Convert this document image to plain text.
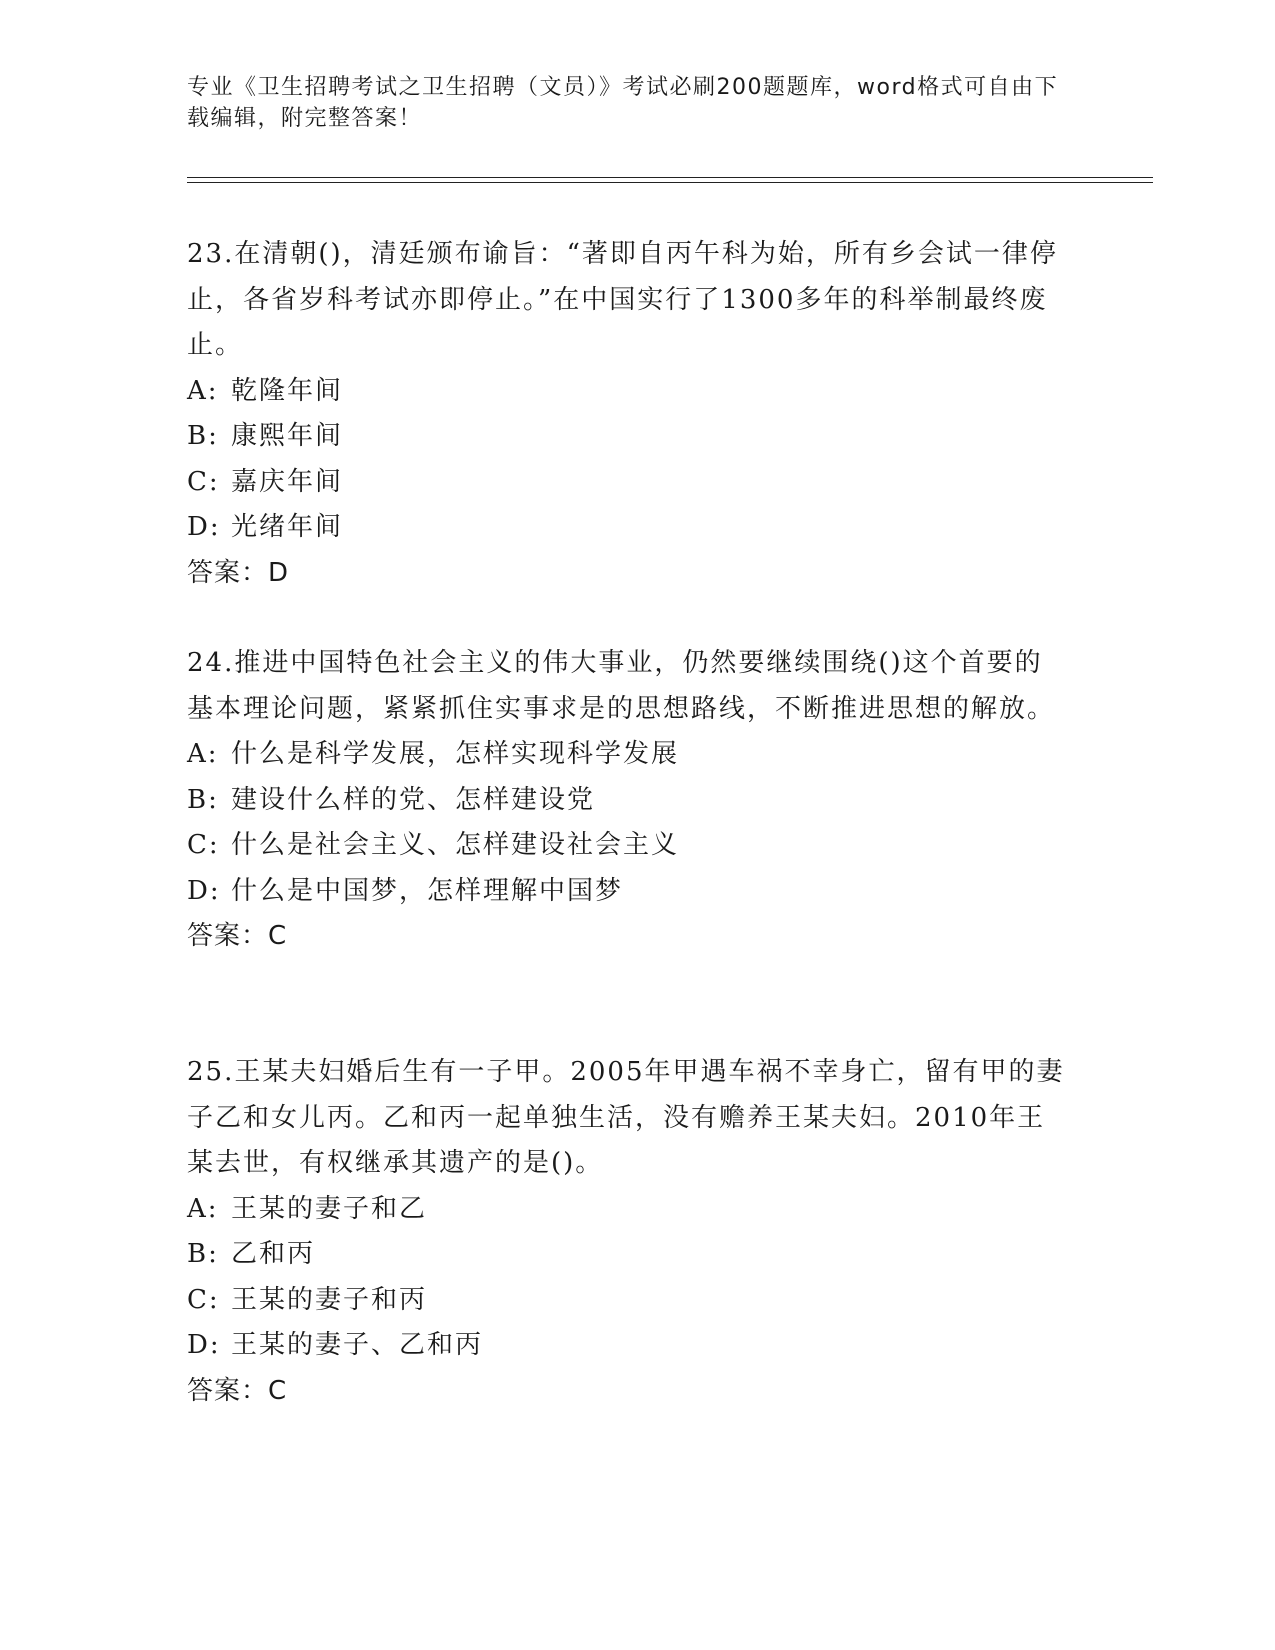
专业《卫生招聘考试之卫生招聘（文员）》考试必刷200题题库，word格式可自由下载编辑，附完整答案！

23.在清朝()，清廷颁布谕旨：“著即自丙午科为始，所有乡会试一律停止，各省岁科考试亦即停止。”在中国实行了1300多年的科举制最终废止。

A: 乾隆年间
B: 康熙年间
C: 嘉庆年间
D: 光绪年间

答案：D

24.推进中国特色社会主义的伟大事业，仍然要继续围绕()这个首要的基本理论问题，紧紧抓住实事求是的思想路线，不断推进思想的解放。

A: 什么是科学发展，怎样实现科学发展
B: 建设什么样的党、怎样建设党
C: 什么是社会主义、怎样建设社会主义
D: 什么是中国梦，怎样理解中国梦

答案：C

25.王某夫妇婚后生有一子甲。2005年甲遇车祸不幸身亡，留有甲的妻子乙和女儿丙。乙和丙一起单独生活，没有赡养王某夫妇。2010年王某去世，有权继承其遗产的是()。

A: 王某的妻子和乙
B: 乙和丙
C: 王某的妻子和丙
D: 王某的妻子、乙和丙

答案：C
